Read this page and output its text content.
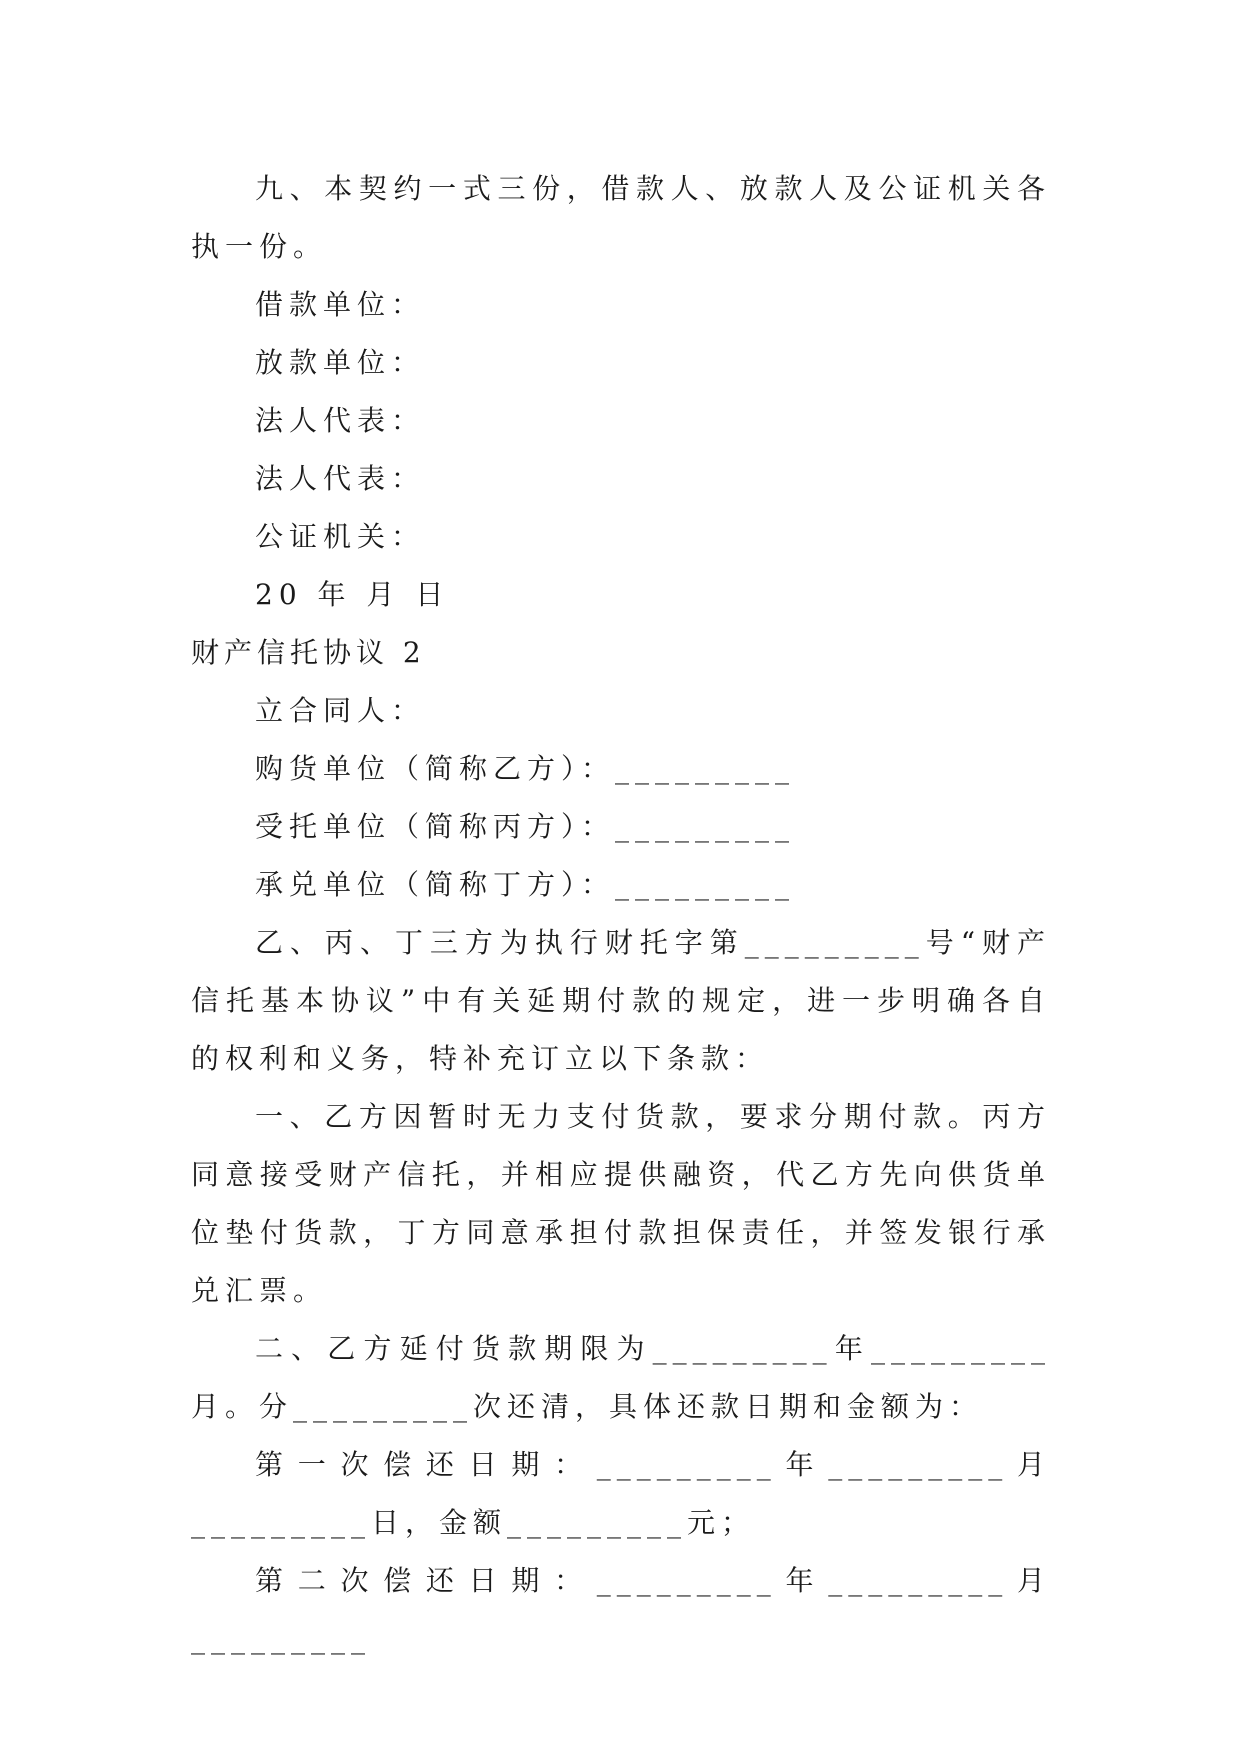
九、本契约一式三份，借款人、放款人及公证机关各执一份。

借款单位：

放款单位：

法人代表：

法人代表：

公证机关：

20 年 月 日

财产信托协议 2

立合同人：

购货单位（简称乙方）：_________

受托单位（简称丙方）：_________

承兑单位（简称丁方）：_________

乙、丙、丁三方为执行财托字第_________号“财产信托基本协议”中有关延期付款的规定，进一步明确各自的权利和义务，特补充订立以下条款：

一、乙方因暂时无力支付货款，要求分期付款。丙方同意接受财产信托，并相应提供融资，代乙方先向供货单位垫付货款，丁方同意承担付款担保责任，并签发银行承兑汇票。

二、乙方延付货款期限为_________年_________月。分_________次还清，具体还款日期和金额为：

第一次偿还日期：_________年_________月_________日，金额_________元；

第二次偿还日期：_________年_________月_________
